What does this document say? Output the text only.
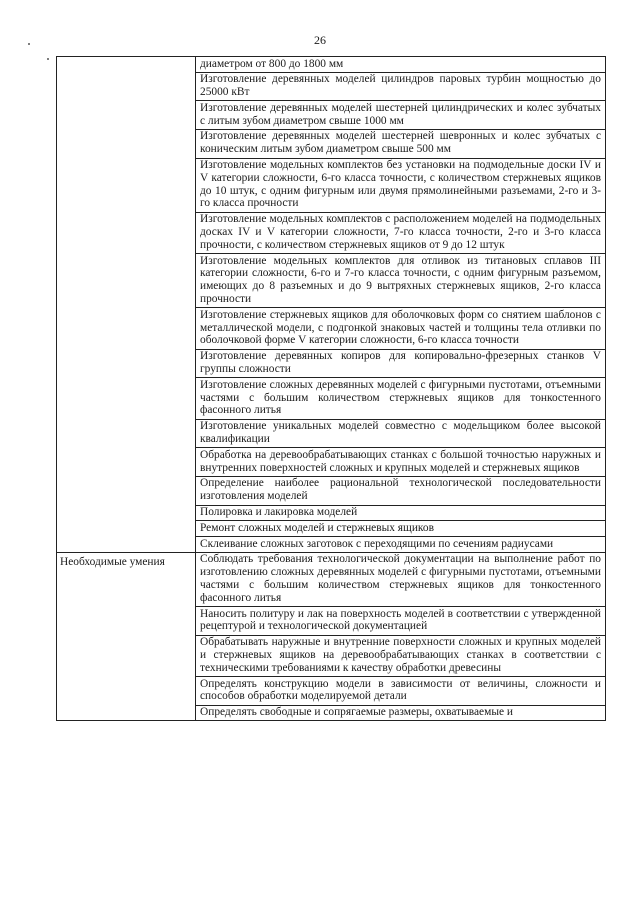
26
диаметром от 800 до 1800 мм
Изготовление деревянных моделей цилиндров паровых турбин мощностью до 25000 кВт
Изготовление деревянных моделей шестерней цилиндрических и колес зубчатых с литым зубом диаметром свыше 1000 мм
Изготовление деревянных моделей шестерней шевронных и колес зубчатых с коническим литым зубом диаметром свыше 500 мм
Изготовление модельных комплектов без установки на подмодельные доски IV и V категории сложности, 6-го класса точности, с количеством стержневых ящиков до 10 штук, с одним фигурным или двумя прямолинейными разъемами, 2-го и 3-го класса прочности
Изготовление модельных комплектов с расположением моделей на подмодельных досках IV и V категории сложности, 7-го класса точности, 2-го и 3-го класса прочности, с количеством стержневых ящиков от 9 до 12 штук
Изготовление модельных комплектов для отливок из титановых сплавов III категории сложности, 6-го и 7-го класса точности, с одним фигурным разъемом, имеющих до 8 разъемных и до 9 вытряхных стержневых ящиков, 2-го класса прочности
Изготовление стержневых ящиков для оболочковых форм со снятием шаблонов с металлической модели, с подгонкой знаковых частей и толщины тела отливки по оболочковой форме V категории сложности, 6-го класса точности
Изготовление деревянных копиров для копировально-фрезерных станков V группы сложности
Изготовление сложных деревянных моделей с фигурными пустотами, отъемными частями с большим количеством стержневых ящиков для тонкостенного фасонного литья
Изготовление уникальных моделей совместно с модельщиком более высокой квалификации
Обработка на деревообрабатывающих станках с большой точностью наружных и внутренних поверхностей сложных и крупных моделей и стержневых ящиков
Определение наиболее рациональной технологической последовательности изготовления моделей
Полировка и лакировка моделей
Ремонт сложных моделей и стержневых ящиков
Склеивание сложных заготовок с переходящими по сечениям радиусами
Необходимые умения	Соблюдать требования технологической документации на выполнение работ по изготовлению сложных деревянных моделей с фигурными пустотами, отъемными частями с большим количеством стержневых ящиков для тонкостенного фасонного литья
Наносить политуру и лак на поверхность моделей в соответствии с утвержденной рецептурой и технологической документацией
Обрабатывать наружные и внутренние поверхности сложных и крупных моделей и стержневых ящиков на деревообрабатывающих станках в соответствии с техническими требованиями к качеству обработки древесины
Определять конструкцию модели в зависимости от величины, сложности и способов обработки моделируемой детали
Определять свободные и сопрягаемые размеры, охватываемые и
